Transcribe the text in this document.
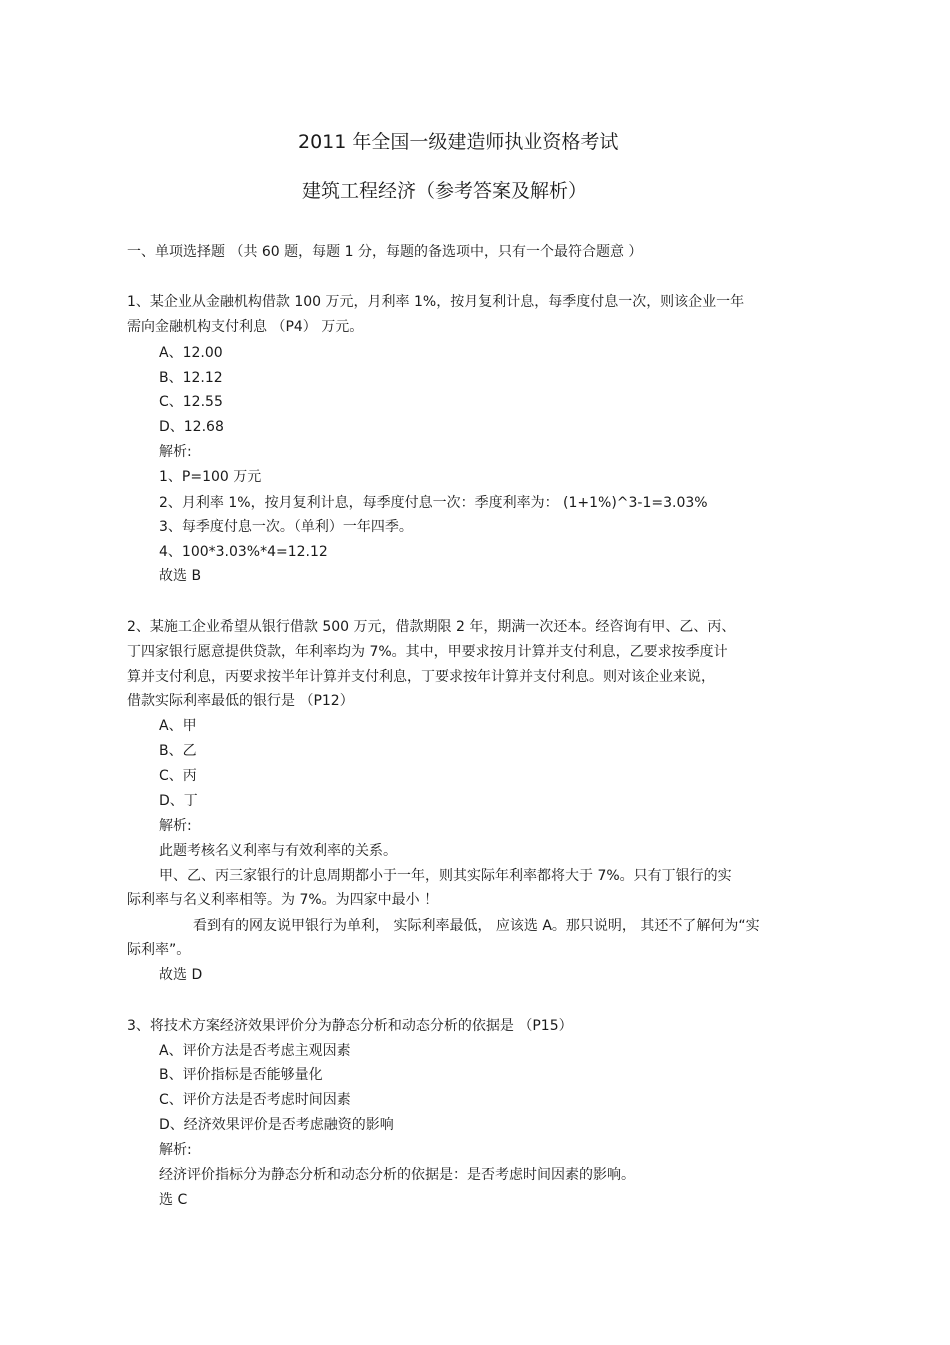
2011 年全国一级建造师执业资格考试
建筑工程经济（参考答案及解析）
一、单项选择题 （共 60 题，每题 1 分，每题的备选项中，只有一个最符合题意 ）
1、某企业从金融机构借款 100 万元，月利率 1%，按月复利计息，每季度付息一次，则该企业一年
需向金融机构支付利息 （P4） 万元。
A、12.00
B、12.12
C、12.55
D、12.68
解析:
1、P=100 万元
2、月利率 1%，按月复利计息，每季度付息一次：季度利率为： (1+1%)^3-1=3.03%
3、每季度付息一次。（单利）一年四季。
4、100*3.03%*4=12.12
故选 B
2、某施工企业希望从银行借款 500 万元，借款期限 2 年，期满一次还本。经咨询有甲、乙、丙、
丁四家银行愿意提供贷款，年利率均为 7%。其中，甲要求按月计算并支付利息，乙要求按季度计
算并支付利息，丙要求按半年计算并支付利息，丁要求按年计算并支付利息。则对该企业来说，
借款实际利率最低的银行是 （P12）
A、甲
B、乙
C、丙
D、丁
解析:
此题考核名义利率与有效利率的关系。
甲、乙、丙三家银行的计息周期都小于一年，则其实际年利率都将大于 7%。只有丁银行的实
际利率与名义利率相等。为 7%。为四家中最小 ！
看到有的网友说甲银行为单利， 实际利率最低， 应该选 A。那只说明， 其还不了解何为“实
际利率”。
故选 D
3、将技术方案经济效果评价分为静态分析和动态分析的依据是 （P15）
A、评价方法是否考虑主观因素
B、评价指标是否能够量化
C、评价方法是否考虑时间因素
D、经济效果评价是否考虑融资的影响
解析:
经济评价指标分为静态分析和动态分析的依据是：是否考虑时间因素的影响。
选 C
